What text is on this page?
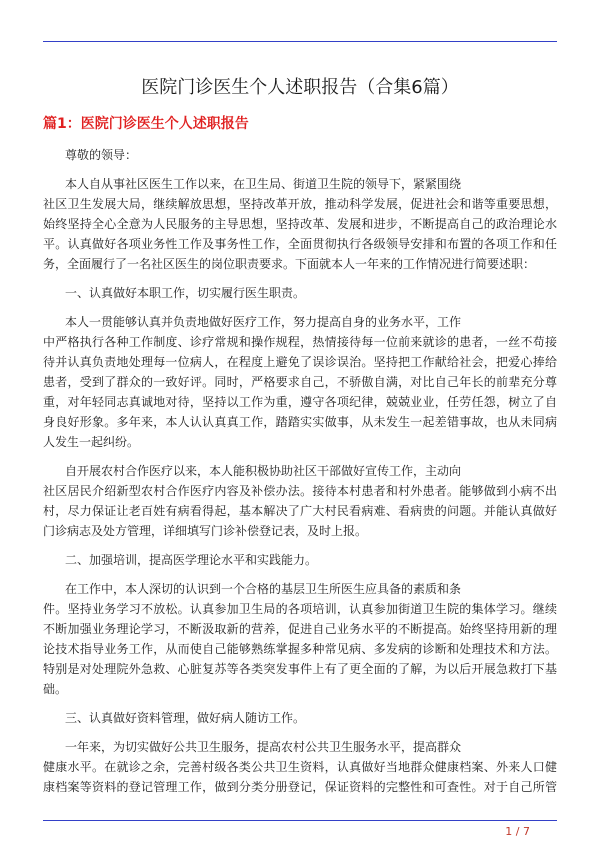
医院门诊医生个人述职报告（合集6篇）
篇1：医院门诊医生个人述职报告
尊敬的领导：
本人自从事社区医生工作以来，在卫生局、街道卫生院的领导下，紧紧围绕
社区卫生发展大局，继续解放思想，坚持改革开放，推动科学发展，促进社会和谐等重要思想，
始终坚持全心全意为人民服务的主导思想，坚持改革、发展和进步，不断提高自己的政治理论水
平。认真做好各项业务性工作及事务性工作，全面贯彻执行各级领导安排和布置的各项工作和任
务，全面履行了一名社区医生的岗位职责要求。下面就本人一年来的工作情况进行简要述职：
一、认真做好本职工作，切实履行医生职责。
本人一贯能够认真并负责地做好医疗工作，努力提高自身的业务水平，工作
中严格执行各种工作制度、诊疗常规和操作规程，热情接待每一位前来就诊的患者，一丝不苟接
待并认真负责地处理每一位病人，在程度上避免了误诊误治。坚持把工作献给社会，把爱心捧给
患者，受到了群众的一致好评。同时，严格要求自己，不骄傲自满，对比自己年长的前辈充分尊
重，对年轻同志真诚地对待，坚持以工作为重，遵守各项纪律，兢兢业业，任劳任怨，树立了自
身良好形象。多年来，本人认认真真工作，踏踏实实做事，从未发生一起差错事故，也从未同病
人发生一起纠纷。
自开展农村合作医疗以来，本人能积极协助社区干部做好宣传工作，主动向
社区居民介绍新型农村合作医疗内容及补偿办法。接待本村患者和村外患者。能够做到小病不出
村，尽力保证让老百姓有病看得起，基本解决了广大村民看病难、看病贵的问题。并能认真做好
门诊病志及处方管理，详细填写门诊补偿登记表，及时上报。
二、加强培训，提高医学理论水平和实践能力。
在工作中，本人深切的认识到一个合格的基层卫生所医生应具备的素质和条
件。坚持业务学习不放松。认真参加卫生局的各项培训，认真参加街道卫生院的集体学习。继续
不断加强业务理论学习，不断汲取新的营养，促进自己业务水平的不断提高。始终坚持用新的理
论技术指导业务工作，从而使自己能够熟练掌握多种常见病、多发病的诊断和处理技术和方法。
特别是对处理院外急救、心脏复苏等各类突发事件上有了更全面的了解，为以后开展急救打下基
础。
三、认真做好资料管理，做好病人随访工作。
一年来，为切实做好公共卫生服务，提高农村公共卫生服务水平，提高群众
健康水平。在就诊之余，完善村级各类公共卫生资料，认真做好当地群众健康档案、外来人口健
康档案等资料的登记管理工作，做到分类分册登记，保证资料的完整性和可查性。对于自己所管
1 / 7
